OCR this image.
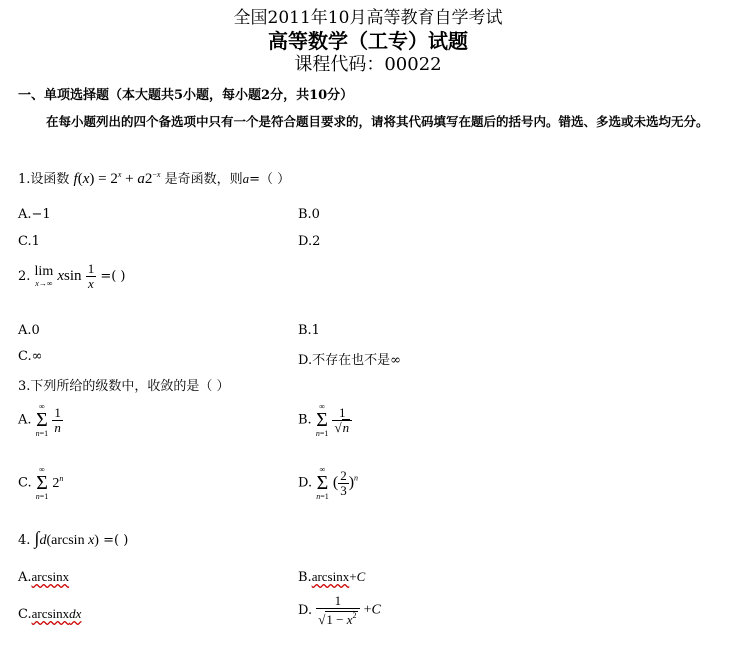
全国2011年10月高等教育自学考试
高等数学（工专）试题
课程代码：00022
一、单项选择题（本大题共5小题，每小题2分，共10分）
在每小题列出的四个备选项中只有一个是符合题目要求的，请将其代码填写在题后的括号内。错选、多选或未选均无分。
1.设函数 $f(x) = 2^x + a2^{-x}$ 是奇函数，则a=（ ）
A.−1	B.0
C.1	D.2
2. lim
x→∞ xsin $\frac{1}{x}$ =( )
A.0	B.1
C.∞	D.不存在也不是∞
3.下列所给的级数中，收敛的是（ ）
A.
∞
Σ
n=1
$\frac{1}{n}$	B.
∞
Σ
n=1
$\frac{1}{√n}$
C.
∞
Σ
n=1
2$^n$	D.
∞
Σ
n=1
( $\frac{2}{3} )^n$
4. ∫d(arcsin x) =( )
A.arcsinx	B.arcsinx+C
C.arcsinxdx	D. $\frac{1}{√1 - x^2} +C$
